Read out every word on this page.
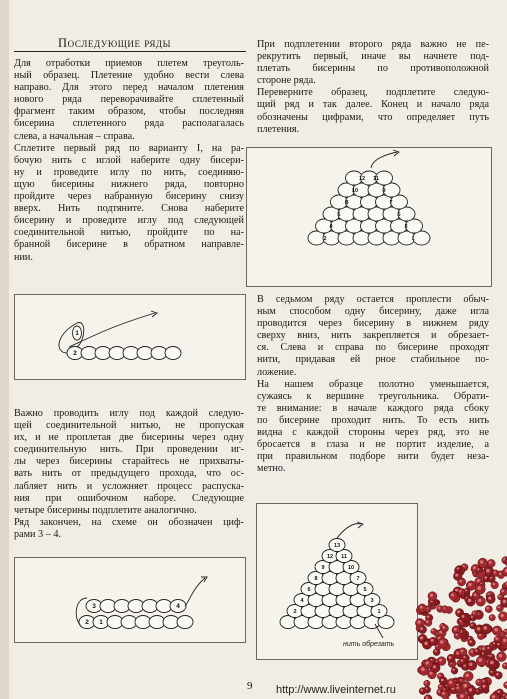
Последующие ряды
Для отработки приемов плетем треуголь-
ный образец. Плетение удобно вести слева
направо. Для этого перед началом плетения
нового ряда переворачивайте сплетенный
фрагмент таким образом, чтобы последняя
бисерина сплетенного ряда располагалась
слева, а начальная – справа.
Сплетите первый ряд по варианту I, на ра-
бочую нить с иглой наберите одну бисери-
ну и проведите иглу по нить, соединяю-
щую бисерины нижнего ряда, повторно
пройдите через набранную бисерину снизу
вверх. Нить подтяните. Снова наберите
бисерину и проведите иглу под следующей
соединительной нитью, пройдите по на-
бранной бисерине в обратном направле-
нии.
1
2
Важно проводить иглу под каждой следую-
щей соединительной нитью, не пропуская
их, и не проплетая две бисерины через одну
соединительную нить. При проведении иг-
лы через бисерины старайтесь не прихваты-
вать нить от предыдущего прохода, что ос-
лабляет нить и усложняет процесс распуска-
ния при ошибочном наборе. Следующие
четыре бисерины подплетите аналогично.
Ряд закончен, на схеме он обозначен циф-
рами 3 – 4.
3	4
1
2
При подплетении второго ряда важно не пе-
рекрутить первый, иначе вы начнете под-
плетать бисерины по противоположной
стороне ряда.
Переверните образец, подплетите следую-
щий ряд и так далее. Конец и начало ряда
обозначены цифрами, что определяет путь
плетения.
12 11
10	9
8	7
6	5
4	3
2	1
В седьмом ряду остается проплести обыч-
ным способом одну бисерину, даже игла
проводится через бисерину в нижнем ряду
сверху вниз, нить закрепляется и обрезает-
ся. Слева и справа по бисерине проходят
нити, придавая ей рное стабильное по-
ложение.
На нашем образце полотно уменьшается,
сужаясь к вершине треугольника. Обрати-
те внимание: в начале каждого ряда сбоку
по бисерине проходит нить. То есть нить
видна с каждой стороны через ряд, это не
бросается в глаза и не портит изделие, а
при правильном подборе нити будет неза-
метно.
13
12 11
9	10
8	7
6	5
4	3
2	1
нить обрезать
9 http://www.liveinternet.ru
